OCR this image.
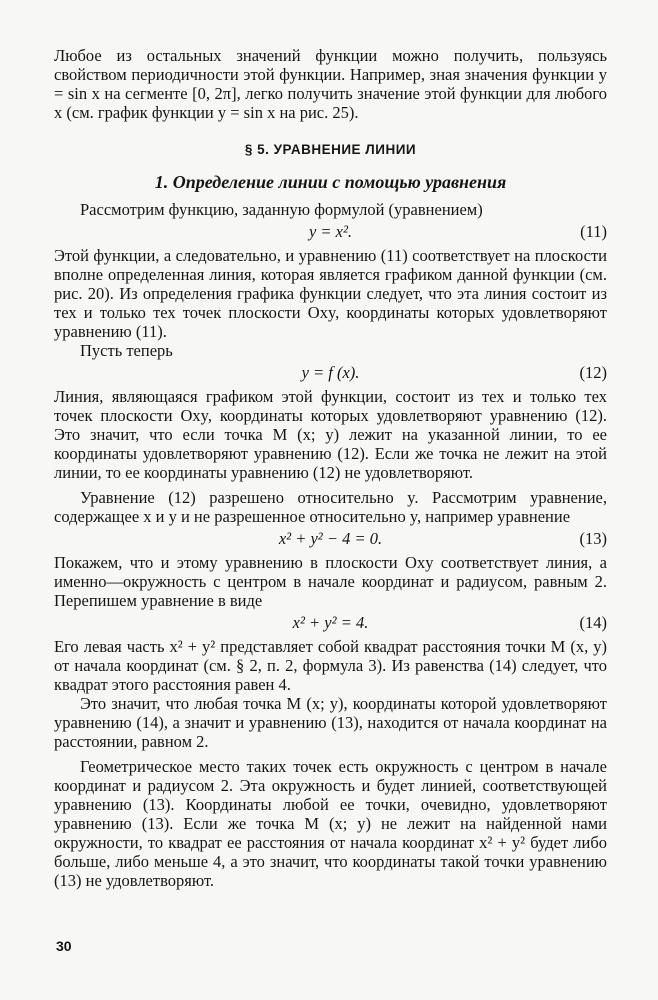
Любое из остальных значений функции можно получить, пользуясь свойством периодичности этой функции. Например, зная значения функции y = sin x на сегменте [0, 2π], легко получить значение этой функции для любого x (см. график функции y = sin x на рис. 25).

§ 5. УРАВНЕНИЕ ЛИНИИ
1. Определение линии с помощью уравнения

Рассмотрим функцию, заданную формулой (уравнением)

y = x².	(11)

Этой функции, а следовательно, и уравнению (11) соответствует на плоскости вполне определенная линия, которая является графиком данной функции (см. рис. 20). Из определения графика функции следует, что эта линия состоит из тех и только тех точек плоскости Oxy, координаты которых удовлетворяют уравнению (11).

Пусть теперь

y = f (x).	(12)

Линия, являющаяся графиком этой функции, состоит из тех и только тех точек плоскости Oxy, координаты которых удовлетворяют уравнению (12). Это значит, что если точка M (x; y) лежит на указанной линии, то ее координаты удовлетворяют уравнению (12). Если же точка не лежит на этой линии, то ее координаты уравнению (12) не удовлетворяют.

Уравнение (12) разрешено относительно y. Рассмотрим уравнение, содержащее x и y и не разрешенное относительно y, например уравнение

x² + y² − 4 = 0.	(13)

Покажем, что и этому уравнению в плоскости Oxy соответствует линия, а именно—окружность с центром в начале координат и радиусом, равным 2. Перепишем уравнение в виде

x² + y² = 4.	(14)

Его левая часть x² + y² представляет собой квадрат расстояния точки M (x, y) от начала координат (см. § 2, п. 2, формула 3). Из равенства (14) следует, что квадрат этого расстояния равен 4.

Это значит, что любая точка M (x; y), координаты которой удовлетворяют уравнению (14), а значит и уравнению (13), находится от начала координат на расстоянии, равном 2.

Геометрическое место таких точек есть окружность с центром в начале координат и радиусом 2. Эта окружность и будет линией, соответствующей уравнению (13). Координаты любой ее точки, очевидно, удовлетворяют уравнению (13). Если же точка M (x; y) не лежит на найденной нами окружности, то квадрат ее расстояния от начала координат x² + y² будет либо больше, либо меньше 4, а это значит, что координаты такой точки уравнению (13) не удовлетворяют.

30
